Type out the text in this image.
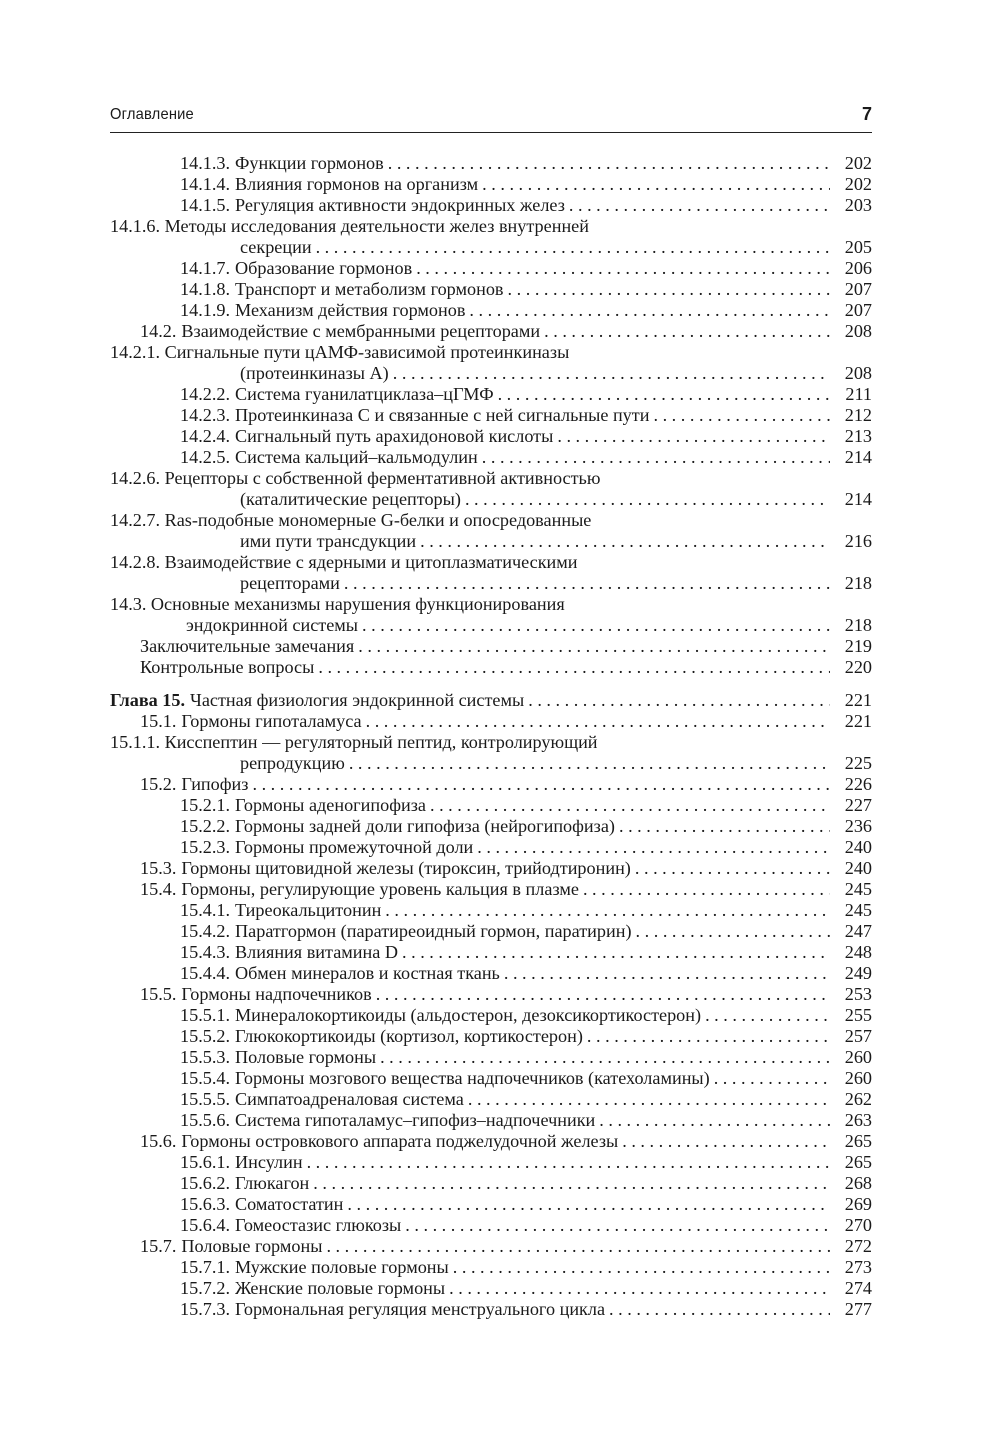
Оглавление	7
14.1.3. Функции гормонов . . .	202
14.1.4. Влияния гормонов на организм . . .	202
14.1.5. Регуляция активности эндокринных желез . . .	203
14.1.6. Методы исследования деятельности желез внутренней
секреции . . .	205
14.1.7. Образование гормонов . . .	206
14.1.8. Транспорт и метаболизм гормонов . . .	207
14.1.9. Механизм действия гормонов . . .	207
14.2. Взаимодействие с мембранными рецепторами . . .	208
14.2.1. Сигнальные пути цАМФ-зависимой протеинкиназы
(протеинкиназы А) . . .	208
14.2.2. Система гуанилатциклаза–цГМФ . . .	211
14.2.3. Протеинкиназа С и связанные с ней сигнальные пути . . .	212
14.2.4. Сигнальный путь арахидоновой кислоты . . .	213
14.2.5. Система кальций–кальмодулин . . .	214
14.2.6. Рецепторы с собственной ферментативной активностью
(каталитические рецепторы) . . .	214
14.2.7. Ras-подобные мономерные G-белки и опосредованные
ими пути трансдукции . . .	216
14.2.8. Взаимодействие с ядерными и цитоплазматическими
рецепторами . . .	218
14.3. Основные механизмы нарушения функционирования
эндокринной системы . . .	218
Заключительные замечания . . .	219
Контрольные вопросы . . .	220
Глава 15. Частная физиология эндокринной системы . . .	221
15.1. Гормоны гипоталамуса . . .	221
15.1.1. Кисспептин — регуляторный пептид, контролирующий
репродукцию . . .	225
15.2. Гипофиз . . .	226
15.2.1. Гормоны аденогипофиза . . .	227
15.2.2. Гормоны задней доли гипофиза (нейрогипофиза) . . .	236
15.2.3. Гормоны промежуточной доли . . .	240
15.3. Гормоны щитовидной железы (тироксин, трийодтиронин) . . .	240
15.4. Гормоны, регулирующие уровень кальция в плазме . . .	245
15.4.1. Тиреокальцитонин . . .	245
15.4.2. Паратгормон (паратиреоидный гормон, паратирин) . . .	247
15.4.3. Влияния витамина D . . .	248
15.4.4. Обмен минералов и костная ткань . . .	249
15.5. Гормоны надпочечников . . .	253
15.5.1. Минералокортикоиды (альдостерон, дезоксикортикостерон) . . .	255
15.5.2. Глюкокортикоиды (кортизол, кортикостерон) . . .	257
15.5.3. Половые гормоны . . .	260
15.5.4. Гормоны мозгового вещества надпочечников (катехоламины) . . .	260
15.5.5. Симпатоадреналовая система . . .	262
15.5.6. Система гипоталамус–гипофиз–надпочечники . . .	263
15.6. Гормоны островкового аппарата поджелудочной железы . . .	265
15.6.1. Инсулин . . .	265
15.6.2. Глюкагон . . .	268
15.6.3. Соматостатин . . .	269
15.6.4. Гомеостазис глюкозы . . .	270
15.7. Половые гормоны . . .	272
15.7.1. Мужские половые гормоны . . .	273
15.7.2. Женские половые гормоны . . .	274
15.7.3. Гормональная регуляция менструального цикла . . .	277
